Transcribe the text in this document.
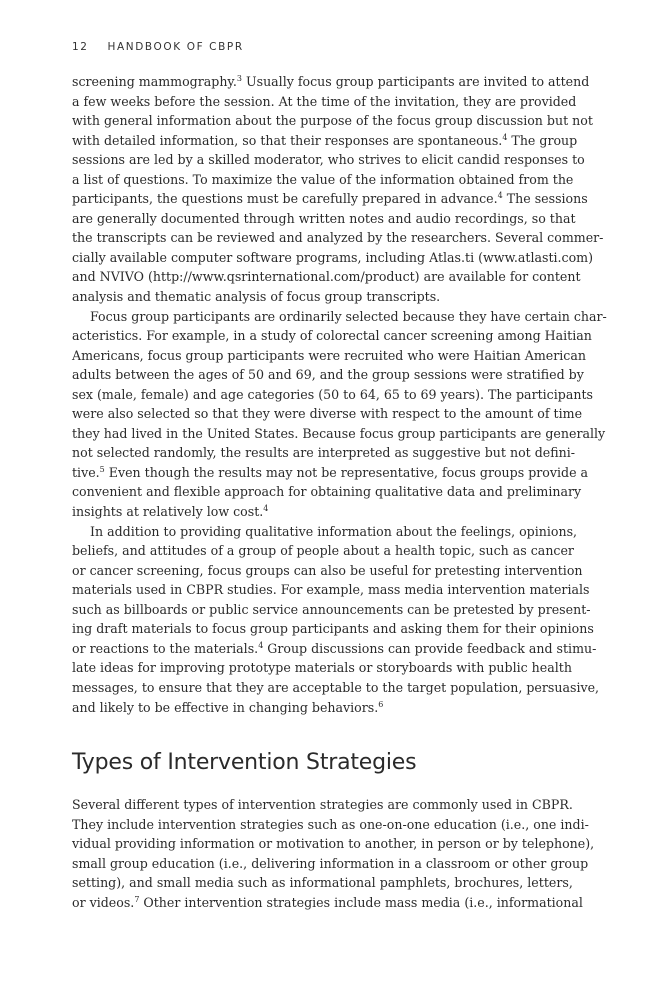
12 HANDBOOK OF CBPR
screening mammography.$^3$ Usually focus group participants are invited to attend
a few weeks before the session. At the time of the invitation, they are provided
with general information about the purpose of the focus group discussion but not
with detailed information, so that their responses are spontaneous.$^4$ The group
sessions are led by a skilled moderator, who strives to elicit candid responses to
a list of questions. To maximize the value of the information obtained from the
participants, the questions must be carefully prepared in advance.$^4$ The sessions
are generally documented through written notes and audio recordings, so that
the transcripts can be reviewed and analyzed by the researchers. Several commer-
cially available computer software programs, including Atlas.ti (www.atlasti.com)
and NVIVO (http://www.qsrinternational.com/product) are available for content
analysis and thematic analysis of focus group transcripts.
Focus group participants are ordinarily selected because they have certain char-
acteristics. For example, in a study of colorectal cancer screening among Haitian
Americans, focus group participants were recruited who were Haitian American
adults between the ages of 50 and 69, and the group sessions were stratified by
sex (male, female) and age categories (50 to 64, 65 to 69 years). The participants
were also selected so that they were diverse with respect to the amount of time
they had lived in the United States. Because focus group participants are generally
not selected randomly, the results are interpreted as suggestive but not defini-
tive.$^5$ Even though the results may not be representative, focus groups provide a
convenient and flexible approach for obtaining qualitative data and preliminary
insights at relatively low cost.$^4$
In addition to providing qualitative information about the feelings, opinions,
beliefs, and attitudes of a group of people about a health topic, such as cancer
or cancer screening, focus groups can also be useful for pretesting intervention
materials used in CBPR studies. For example, mass media intervention materials
such as billboards or public service announcements can be pretested by present-
ing draft materials to focus group participants and asking them for their opinions
or reactions to the materials.$^4$ Group discussions can provide feedback and stimu-
late ideas for improving prototype materials or storyboards with public health
messages, to ensure that they are acceptable to the target population, persuasive,
and likely to be effective in changing behaviors.$^6$
Types of Intervention Strategies
Several different types of intervention strategies are commonly used in CBPR.
They include intervention strategies such as one-on-one education (i.e., one indi-
vidual providing information or motivation to another, in person or by telephone),
small group education (i.e., delivering information in a classroom or other group
setting), and small media such as informational pamphlets, brochures, letters,
or videos.$^7$ Other intervention strategies include mass media (i.e., informational
